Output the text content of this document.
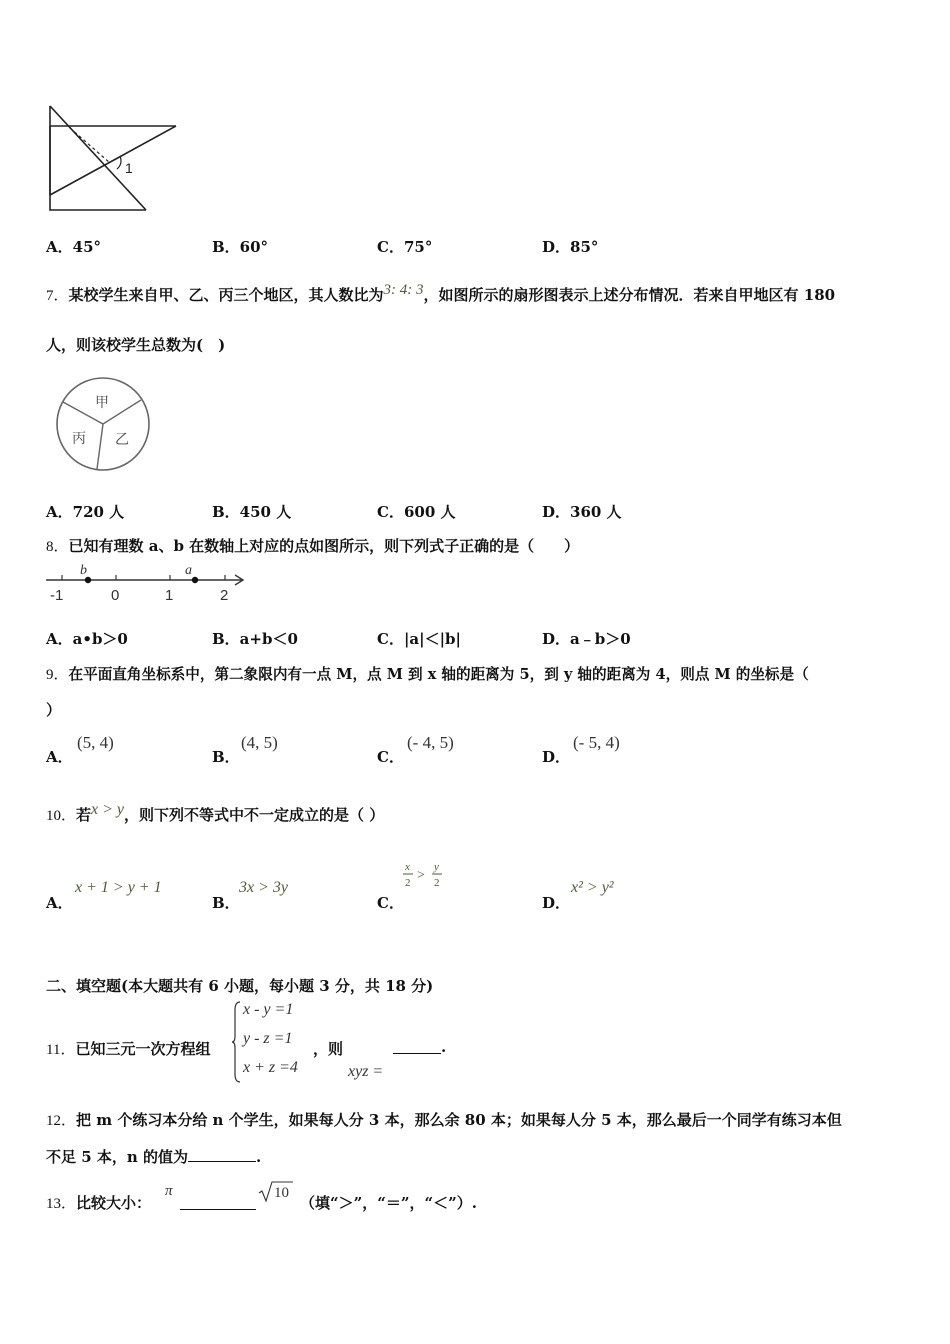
1
A．45°	B．60°	C．75°	D．85°
7．某校学生来自甲、乙、丙三个地区，其人数比为3: 4: 3，如图所示的扇形图表示上述分布情况．若来自甲地区有 180
人，则该校学生总数为(　)
甲
乙
丙
A．720 人	B．450 人	C．600 人	D．360 人
8．已知有理数 a、b 在数轴上对应的点如图所示，则下列式子正确的是（　　）
b	a
-1	0	1	2
A．a•b＞0	B．a+b＜0	C．|a|＜|b|	D．a﹣b＞0
9．在平面直角坐标系中，第二象限内有一点 M，点 M 到 x 轴的距离为 5，到 y 轴的距离为 4，则点 M 的坐标是（
）
A．
(5, 4)
B．
(4, 5)
C．
(- 4, 5)
D．
(- 5, 4)
10．若x > y，则下列不等式中不一定成立的是（ ）
A．
x + 1 > y + 1
B．
3x > 3y
C．
x
2 >
y
2
D．
x² > y²
二、填空题(本大题共有 6 小题，每小题 3 分，共 18 分)
11．已知三元一次方程组
x - y =1
y - z =1
x + z =4
，则
xyz =
.
12．把 m 个练习本分给 n 个学生，如果每人分 3 本，那么余 80 本；如果每人分 5 本，那么最后一个同学有练习本但
不足 5 本，n 的值为	.
13．比较大小：
π	10
（填“＞”，“＝”，“＜”）.
